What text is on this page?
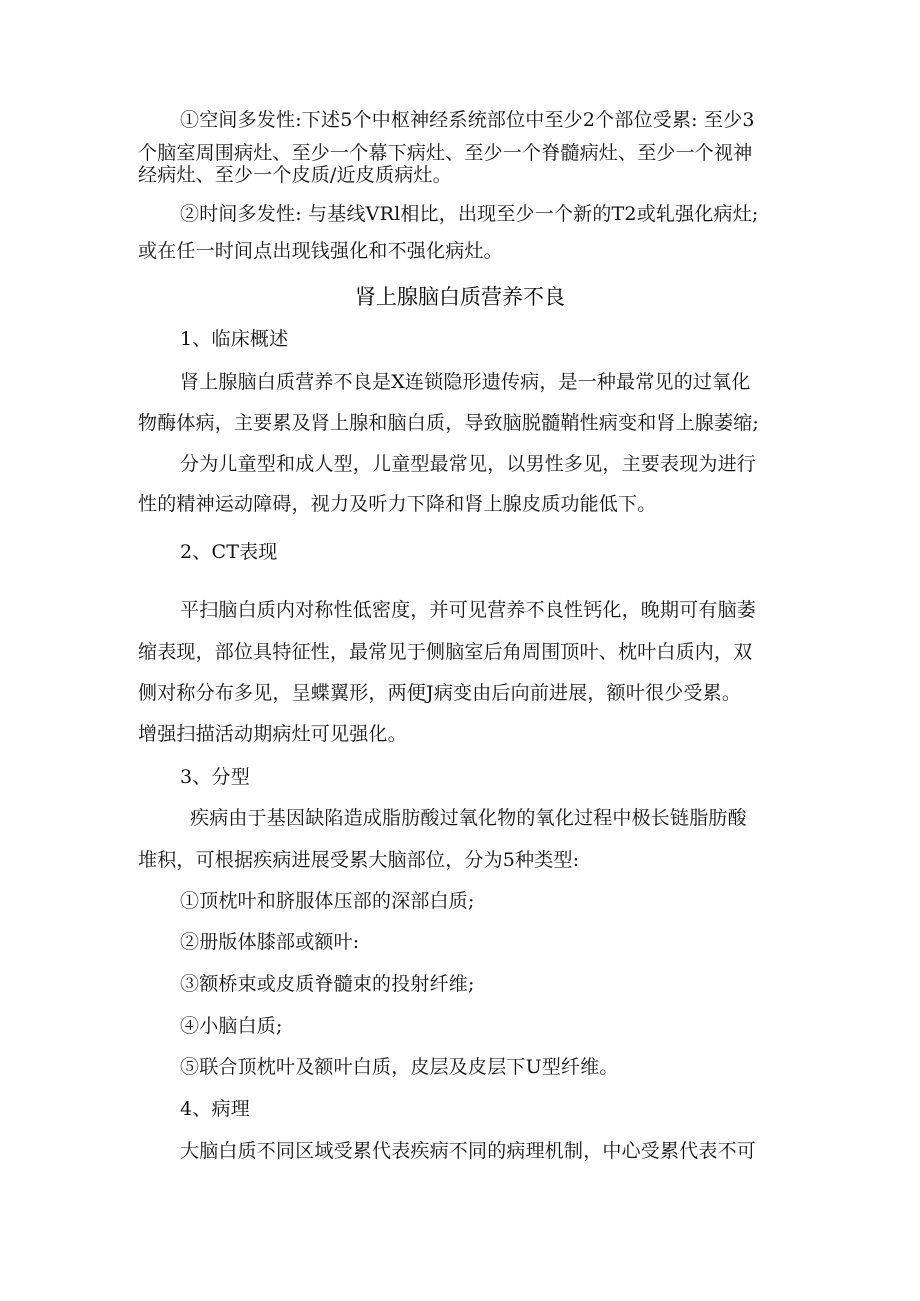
①空间多发性:下述5个中枢神经系统部位中至少2个部位受累: 至少3
个脑室周围病灶、至少一个幕下病灶、至少一个脊髓病灶、至少一个视神
经病灶、至少一个皮质/近皮质病灶。
②时间多发性: 与基线VRl相比，出现至少一个新的T2或轧强化病灶;
或在任一时间点出现钱强化和不强化病灶。
肾上腺脑白质营养不良
1、临床概述
肾上腺脑白质营养不良是X连锁隐形遗传病，是一种最常见的过氧化
物酶体病，主要累及肾上腺和脑白质，导致脑脱髓鞘性病变和肾上腺萎缩;
分为儿童型和成人型，儿童型最常见，以男性多见，主要表现为进行
性的精神运动障碍，视力及听力下降和肾上腺皮质功能低下。
2、CT表现
平扫脑白质内对称性低密度，并可见营养不良性钙化，晚期可有脑萎
缩表现，部位具特征性，最常见于侧脑室后角周围顶叶、枕叶白质内，双
侧对称分布多见，呈蝶翼形，两便J病变由后向前进展，额叶很少受累。
增强扫描活动期病灶可见强化。
3、分型
疾病由于基因缺陷造成脂肪酸过氧化物的氧化过程中极长链脂肪酸
堆积，可根据疾病进展受累大脑部位，分为5种类型:
①顶枕叶和脐服体压部的深部白质;
②册版体膝部或额叶:
③额桥束或皮质脊髓束的投射纤维;
④小脑白质;
⑤联合顶枕叶及额叶白质，皮层及皮层下U型纤维。
4、病理
大脑白质不同区域受累代表疾病不同的病理机制，中心受累代表不可
